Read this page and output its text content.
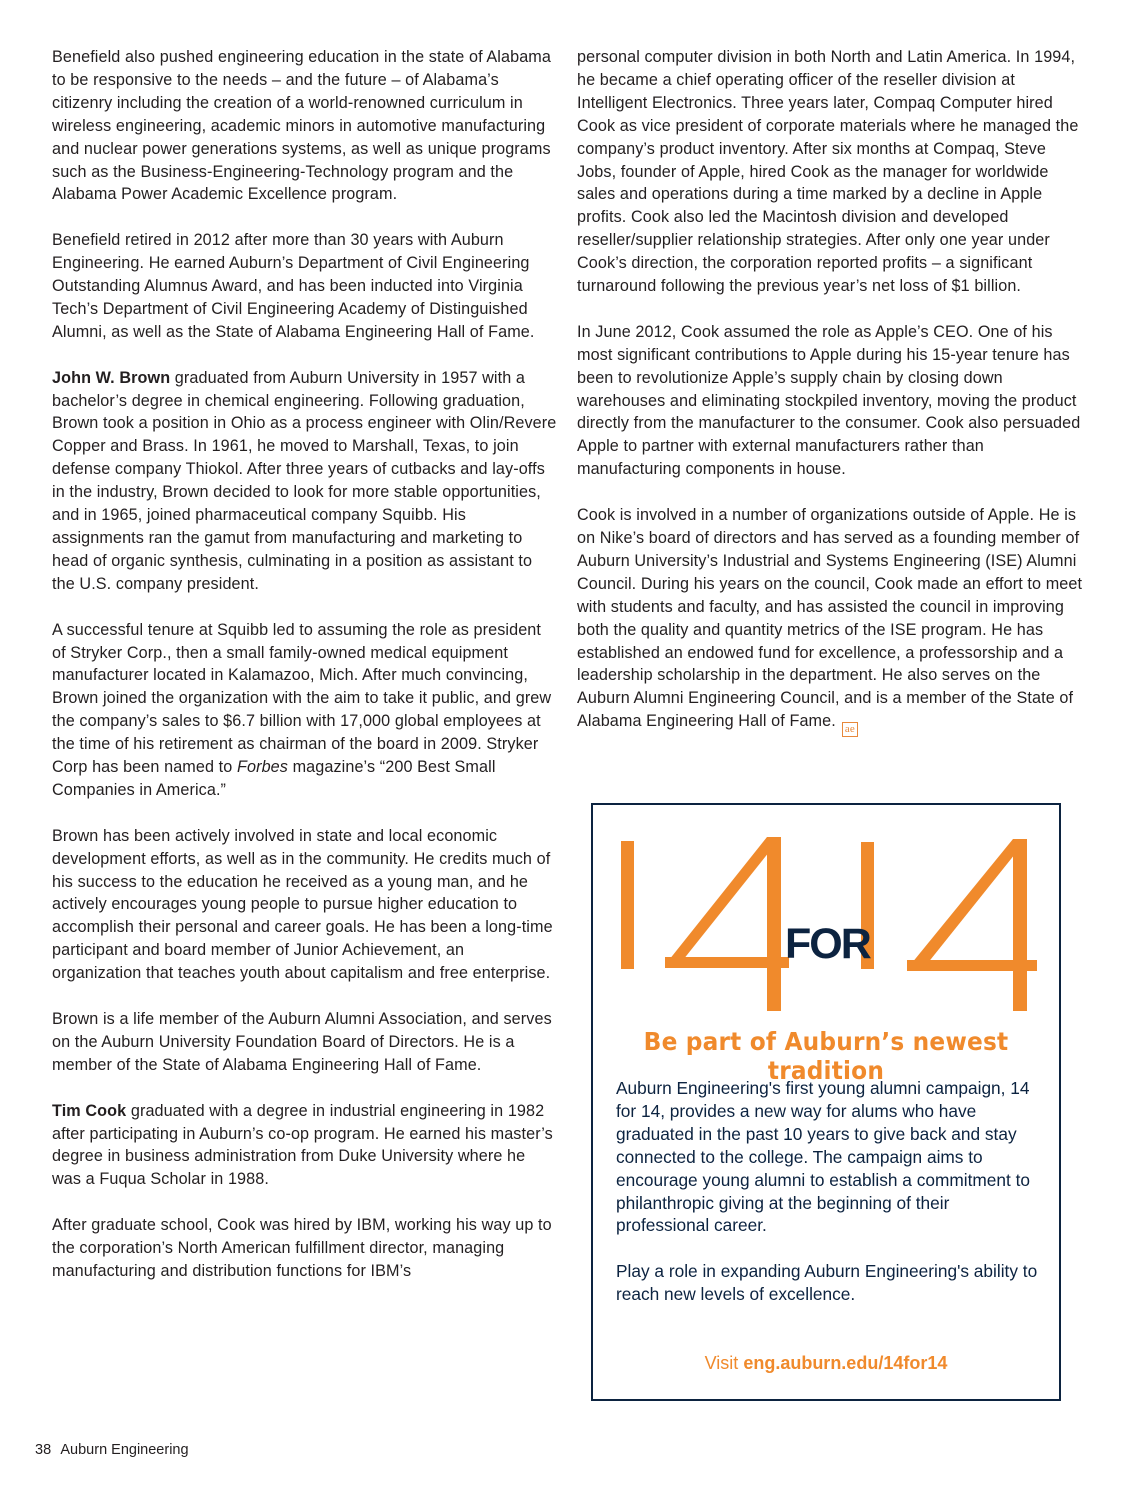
Benefield also pushed engineering education in the state of Alabama to be responsive to the needs – and the future – of Alabama’s citizenry including the creation of a world-renowned curriculum in wireless engineering, academic minors in automotive manufacturing and nuclear power generations systems, as well as unique programs such as the Business-Engineering-Technology program and the Alabama Power Academic Excellence program.

Benefield retired in 2012 after more than 30 years with Auburn Engineering. He earned Auburn’s Department of Civil Engineering Outstanding Alumnus Award, and has been inducted into Virginia Tech’s Department of Civil Engineering Academy of Distinguished Alumni, as well as the State of Alabama Engineering Hall of Fame.

John W. Brown graduated from Auburn University in 1957 with a bachelor’s degree in chemical engineering. Following graduation, Brown took a position in Ohio as a process engineer with Olin/Revere Copper and Brass. In 1961, he moved to Marshall, Texas, to join defense company Thiokol. After three years of cutbacks and lay-offs in the industry, Brown decided to look for more stable opportunities, and in 1965, joined pharmaceutical company Squibb. His assignments ran the gamut from manufacturing and marketing to head of organic synthesis, culminating in a position as assistant to the U.S. company president.

A successful tenure at Squibb led to assuming the role as president of Stryker Corp., then a small family-owned medical equipment manufacturer located in Kalamazoo, Mich. After much convincing, Brown joined the organization with the aim to take it public, and grew the company’s sales to $6.7 billion with 17,000 global employees at the time of his retirement as chairman of the board in 2009. Stryker Corp has been named to Forbes magazine’s “200 Best Small Companies in America.”

Brown has been actively involved in state and local economic development efforts, as well as in the community. He credits much of his success to the education he received as a young man, and he actively encourages young people to pursue higher education to accomplish their personal and career goals. He has been a long-time participant and board member of Junior Achievement, an organization that teaches youth about capitalism and free enterprise.

Brown is a life member of the Auburn Alumni Association, and serves on the Auburn University Foundation Board of Directors. He is a member of the State of Alabama Engineering Hall of Fame.

Tim Cook graduated with a degree in industrial engineering in 1982 after participating in Auburn’s co-op program. He earned his master’s degree in business administration from Duke University where he was a Fuqua Scholar in 1988.

After graduate school, Cook was hired by IBM, working his way up to the corporation’s North American fulfillment director, managing manufacturing and distribution functions for IBM’s

personal computer division in both North and Latin America. In 1994, he became a chief operating officer of the reseller division at Intelligent Electronics. Three years later, Compaq Computer hired Cook as vice president of corporate materials where he managed the company’s product inventory. After six months at Compaq, Steve Jobs, founder of Apple, hired Cook as the manager for worldwide sales and operations during a time marked by a decline in Apple profits. Cook also led the Macintosh division and developed reseller/supplier relationship strategies. After only one year under Cook’s direction, the corporation reported profits – a significant turnaround following the previous year’s net loss of $1 billion.

In June 2012, Cook assumed the role as Apple’s CEO. One of his most significant contributions to Apple during his 15-year tenure has been to revolutionize Apple’s supply chain by closing down warehouses and eliminating stockpiled inventory, moving the product directly from the manufacturer to the consumer. Cook also persuaded Apple to partner with external manufacturers rather than manufacturing components in house.

Cook is involved in a number of organizations outside of Apple. He is on Nike’s board of directors and has served as a founding member of Auburn University’s Industrial and Systems Engineering (ISE) Alumni Council. During his years on the council, Cook made an effort to meet with students and faculty, and has assisted the council in improving both the quality and quantity metrics of the ISE program. He has established an endowed fund for excellence, a professorship and a leadership scholarship in the department. He also serves on the Auburn Alumni Engineering Council, and is a member of the State of Alabama Engineering Hall of Fame. ae

FOR
Be part of Auburn’s newest tradition

Auburn Engineering's first young alumni campaign, 14 for 14, provides a new way for alums who have graduated in the past 10 years to give back and stay connected to the college. The campaign aims to encourage young alumni to establish a commitment to philanthropic giving at the beginning of their professional career.

Play a role in expanding Auburn Engineering's ability to reach new levels of excellence.

Visit eng.auburn.edu/14for14
38 Auburn Engineering
